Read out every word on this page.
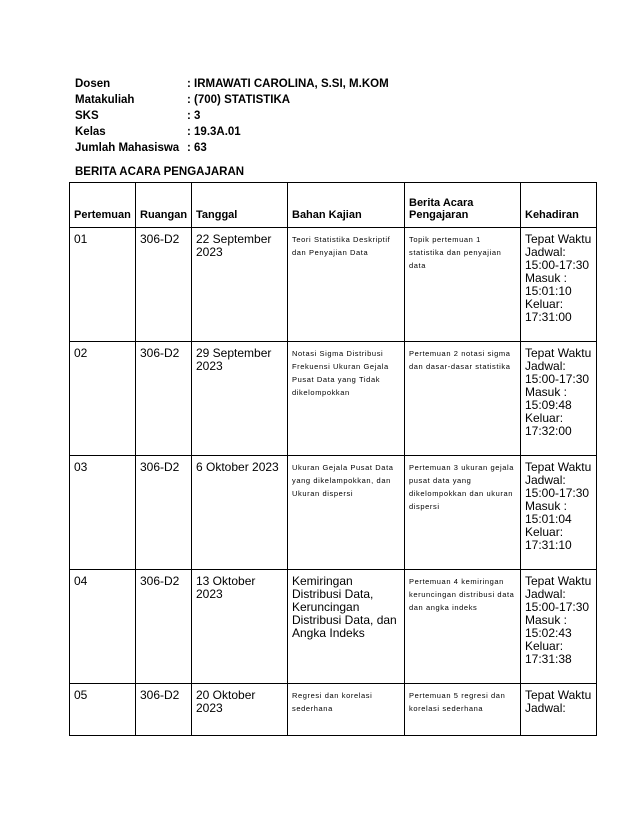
Dosen	: IRMAWATI CAROLINA, S.SI, M.KOM
Matakuliah	: (700) STATISTIKA
SKS	: 3
Kelas	: 19.3A.01
Jumlah Mahasiswa : 63
BERITA ACARA PENGAJARAN
Pertemuan	Ruangan	Tanggal	Bahan Kajian	Berita Acara Pengajaran	Kehadiran
01	306-D2	22 September 2023	Teori Statistika Deskriptif dan Penyajian Data	Topik pertemuan 1 statistika dan penyajian data	Tepat Waktu Jadwal: 15:00-17:30 Masuk : 15:01:10 Keluar: 17:31:00
02	306-D2	29 September 2023	Notasi Sigma Distribusi Frekuensi Ukuran Gejala Pusat Data yang Tidak dikelompokkan	Pertemuan 2 notasi sigma dan dasar-dasar statistika	Tepat Waktu Jadwal: 15:00-17:30 Masuk : 15:09:48 Keluar: 17:32:00
03	306-D2	6 Oktober 2023	Ukuran Gejala Pusat Data yang dikelampokkan, dan Ukuran dispersi	Pertemuan 3 ukuran gejala pusat data yang dikelompokkan dan ukuran dispersi	Tepat Waktu Jadwal: 15:00-17:30 Masuk : 15:01:04 Keluar: 17:31:10
04	306-D2	13 Oktober 2023	Kemiringan Distribusi Data, Keruncingan Distribusi Data, dan Angka Indeks	Pertemuan 4 kemiringan keruncingan distribusi data dan angka indeks	Tepat Waktu Jadwal: 15:00-17:30 Masuk : 15:02:43 Keluar: 17:31:38
05	306-D2	20 Oktober 2023	Regresi dan korelasi sederhana	Pertemuan 5 regresi dan korelasi sederhana	Tepat Waktu Jadwal:
